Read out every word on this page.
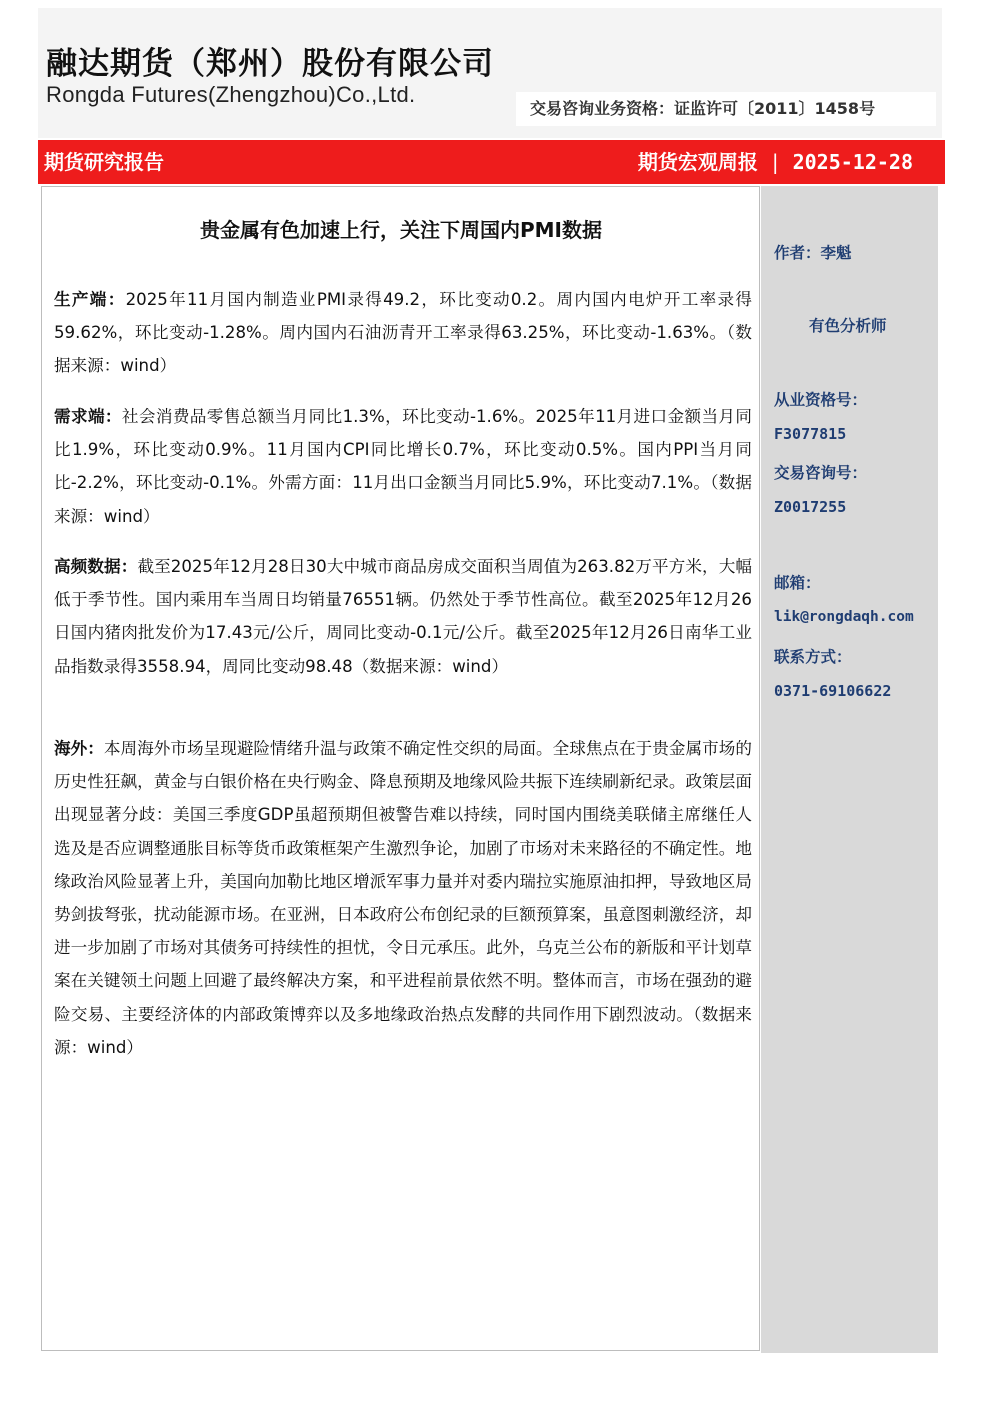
融达期货（郑州）股份有限公司
Rongda Futures(Zhengzhou)Co.,Ltd.
交易咨询业务资格：证监许可〔2011〕1458号
期货研究报告	期货宏观周报 | 2025-12-28
作者：李魁
有色分析师
从业资格号：
F3077815
交易咨询号：
Z0017255
邮箱：
lik@rongdaqh.com
联系方式：
0371-69106622
贵金属有色加速上行，关注下周国内PMI数据
生产端：2025年11月国内制造业PMI录得49.2，环比变动0.2。周内国内电炉开工率录得59.62%，环比变动-1.28%。周内国内石油沥青开工率录得63.25%，环比变动-1.63%。（数据来源：wind）
需求端：社会消费品零售总额当月同比1.3%，环比变动-1.6%。2025年11月进口金额当月同比1.9%，环比变动0.9%。11月国内CPI同比增长0.7%，环比变动0.5%。国内PPI当月同比-2.2%，环比变动-0.1%。外需方面：11月出口金额当月同比5.9%，环比变动7.1%。（数据来源：wind）
高频数据：截至2025年12月28日30大中城市商品房成交面积当周值为263.82万平方米，大幅低于季节性。国内乘用车当周日均销量76551辆。仍然处于季节性高位。截至2025年12月26日国内猪肉批发价为17.43元/公斤，周同比变动-0.1元/公斤。截至2025年12月26日南华工业品指数录得3558.94，周同比变动98.48（数据来源：wind）
海外：本周海外市场呈现避险情绪升温与政策不确定性交织的局面。全球焦点在于贵金属市场的历史性狂飙，黄金与白银价格在央行购金、降息预期及地缘风险共振下连续刷新纪录。政策层面出现显著分歧：美国三季度GDP虽超预期但被警告难以持续，同时国内围绕美联储主席继任人选及是否应调整通胀目标等货币政策框架产生激烈争论，加剧了市场对未来路径的不确定性。地缘政治风险显著上升，美国向加勒比地区增派军事力量并对委内瑞拉实施原油扣押，导致地区局势剑拔弩张，扰动能源市场。在亚洲，日本政府公布创纪录的巨额预算案，虽意图刺激经济，却进一步加剧了市场对其债务可持续性的担忧，令日元承压。此外，乌克兰公布的新版和平计划草案在关键领土问题上回避了最终解决方案，和平进程前景依然不明。整体而言，市场在强劲的避险交易、主要经济体的内部政策博弈以及多地缘政治热点发酵的共同作用下剧烈波动。（数据来源：wind）
